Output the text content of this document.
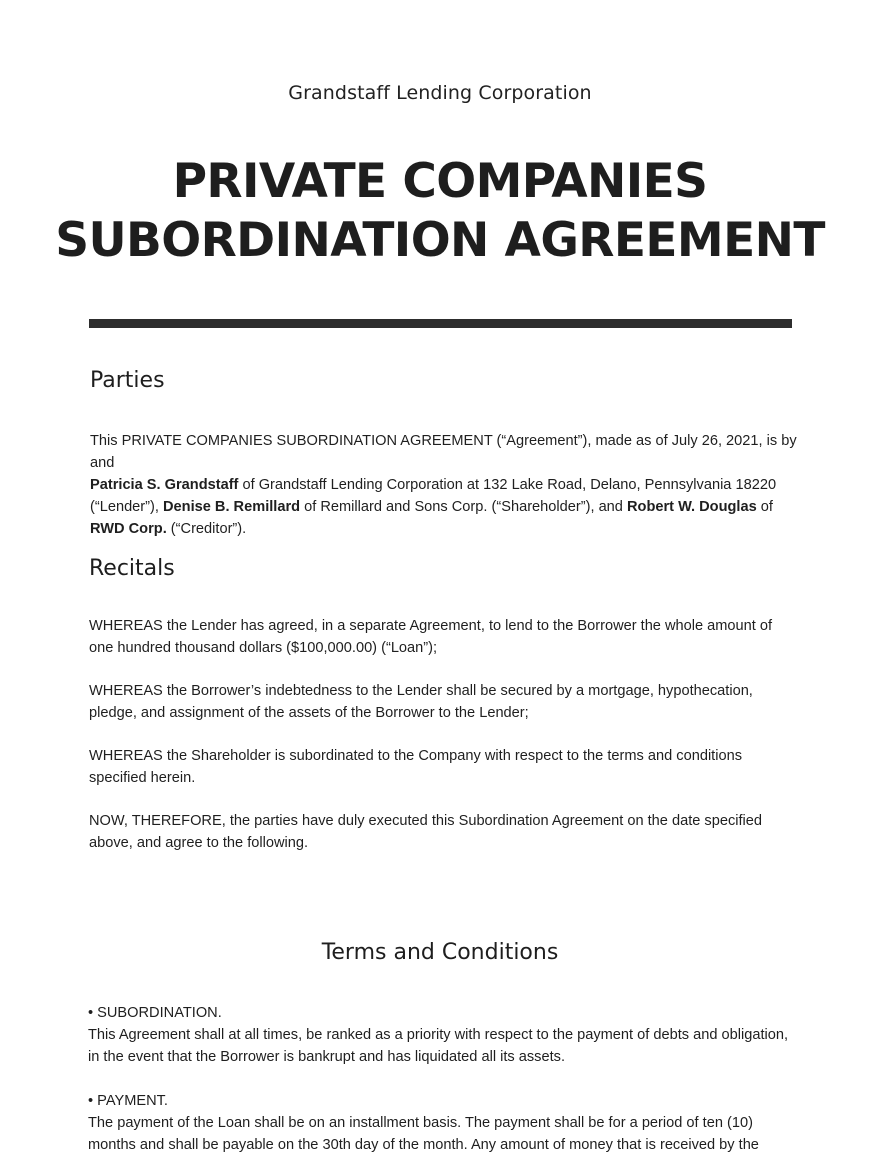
Grandstaff Lending Corporation
PRIVATE COMPANIES
SUBORDINATION AGREEMENT
Parties
This PRIVATE COMPANIES SUBORDINATION AGREEMENT (“Agreement”), made as of July 26, 2021, is by and
Patricia S. Grandstaff of Grandstaff Lending Corporation at 132 Lake Road, Delano, Pennsylvania 18220
(“Lender”), Denise B. Remillard of Remillard and Sons Corp. (“Shareholder”), and Robert W. Douglas of
RWD Corp. (“Creditor”).
Recitals
WHEREAS the Lender has agreed, in a separate Agreement, to lend to the Borrower the whole amount of one hundred thousand dollars ($100,000.00) (“Loan”);
WHEREAS the Borrower’s indebtedness to the Lender shall be secured by a mortgage, hypothecation, pledge, and assignment of the assets of the Borrower to the Lender;
WHEREAS the Shareholder is subordinated to the Company with respect to the terms and conditions specified herein.
NOW, THEREFORE, the parties have duly executed this Subordination Agreement on the date specified above, and agree to the following.
Terms and Conditions
• SUBORDINATION.
This Agreement shall at all times, be ranked as a priority with respect to the payment of debts and obligation, in the event that the Borrower is bankrupt and has liquidated all its assets.
• PAYMENT.
The payment of the Loan shall be on an installment basis. The payment shall be for a period of ten (10) months and shall be payable on the 30th day of the month. Any amount of money that is received by the
